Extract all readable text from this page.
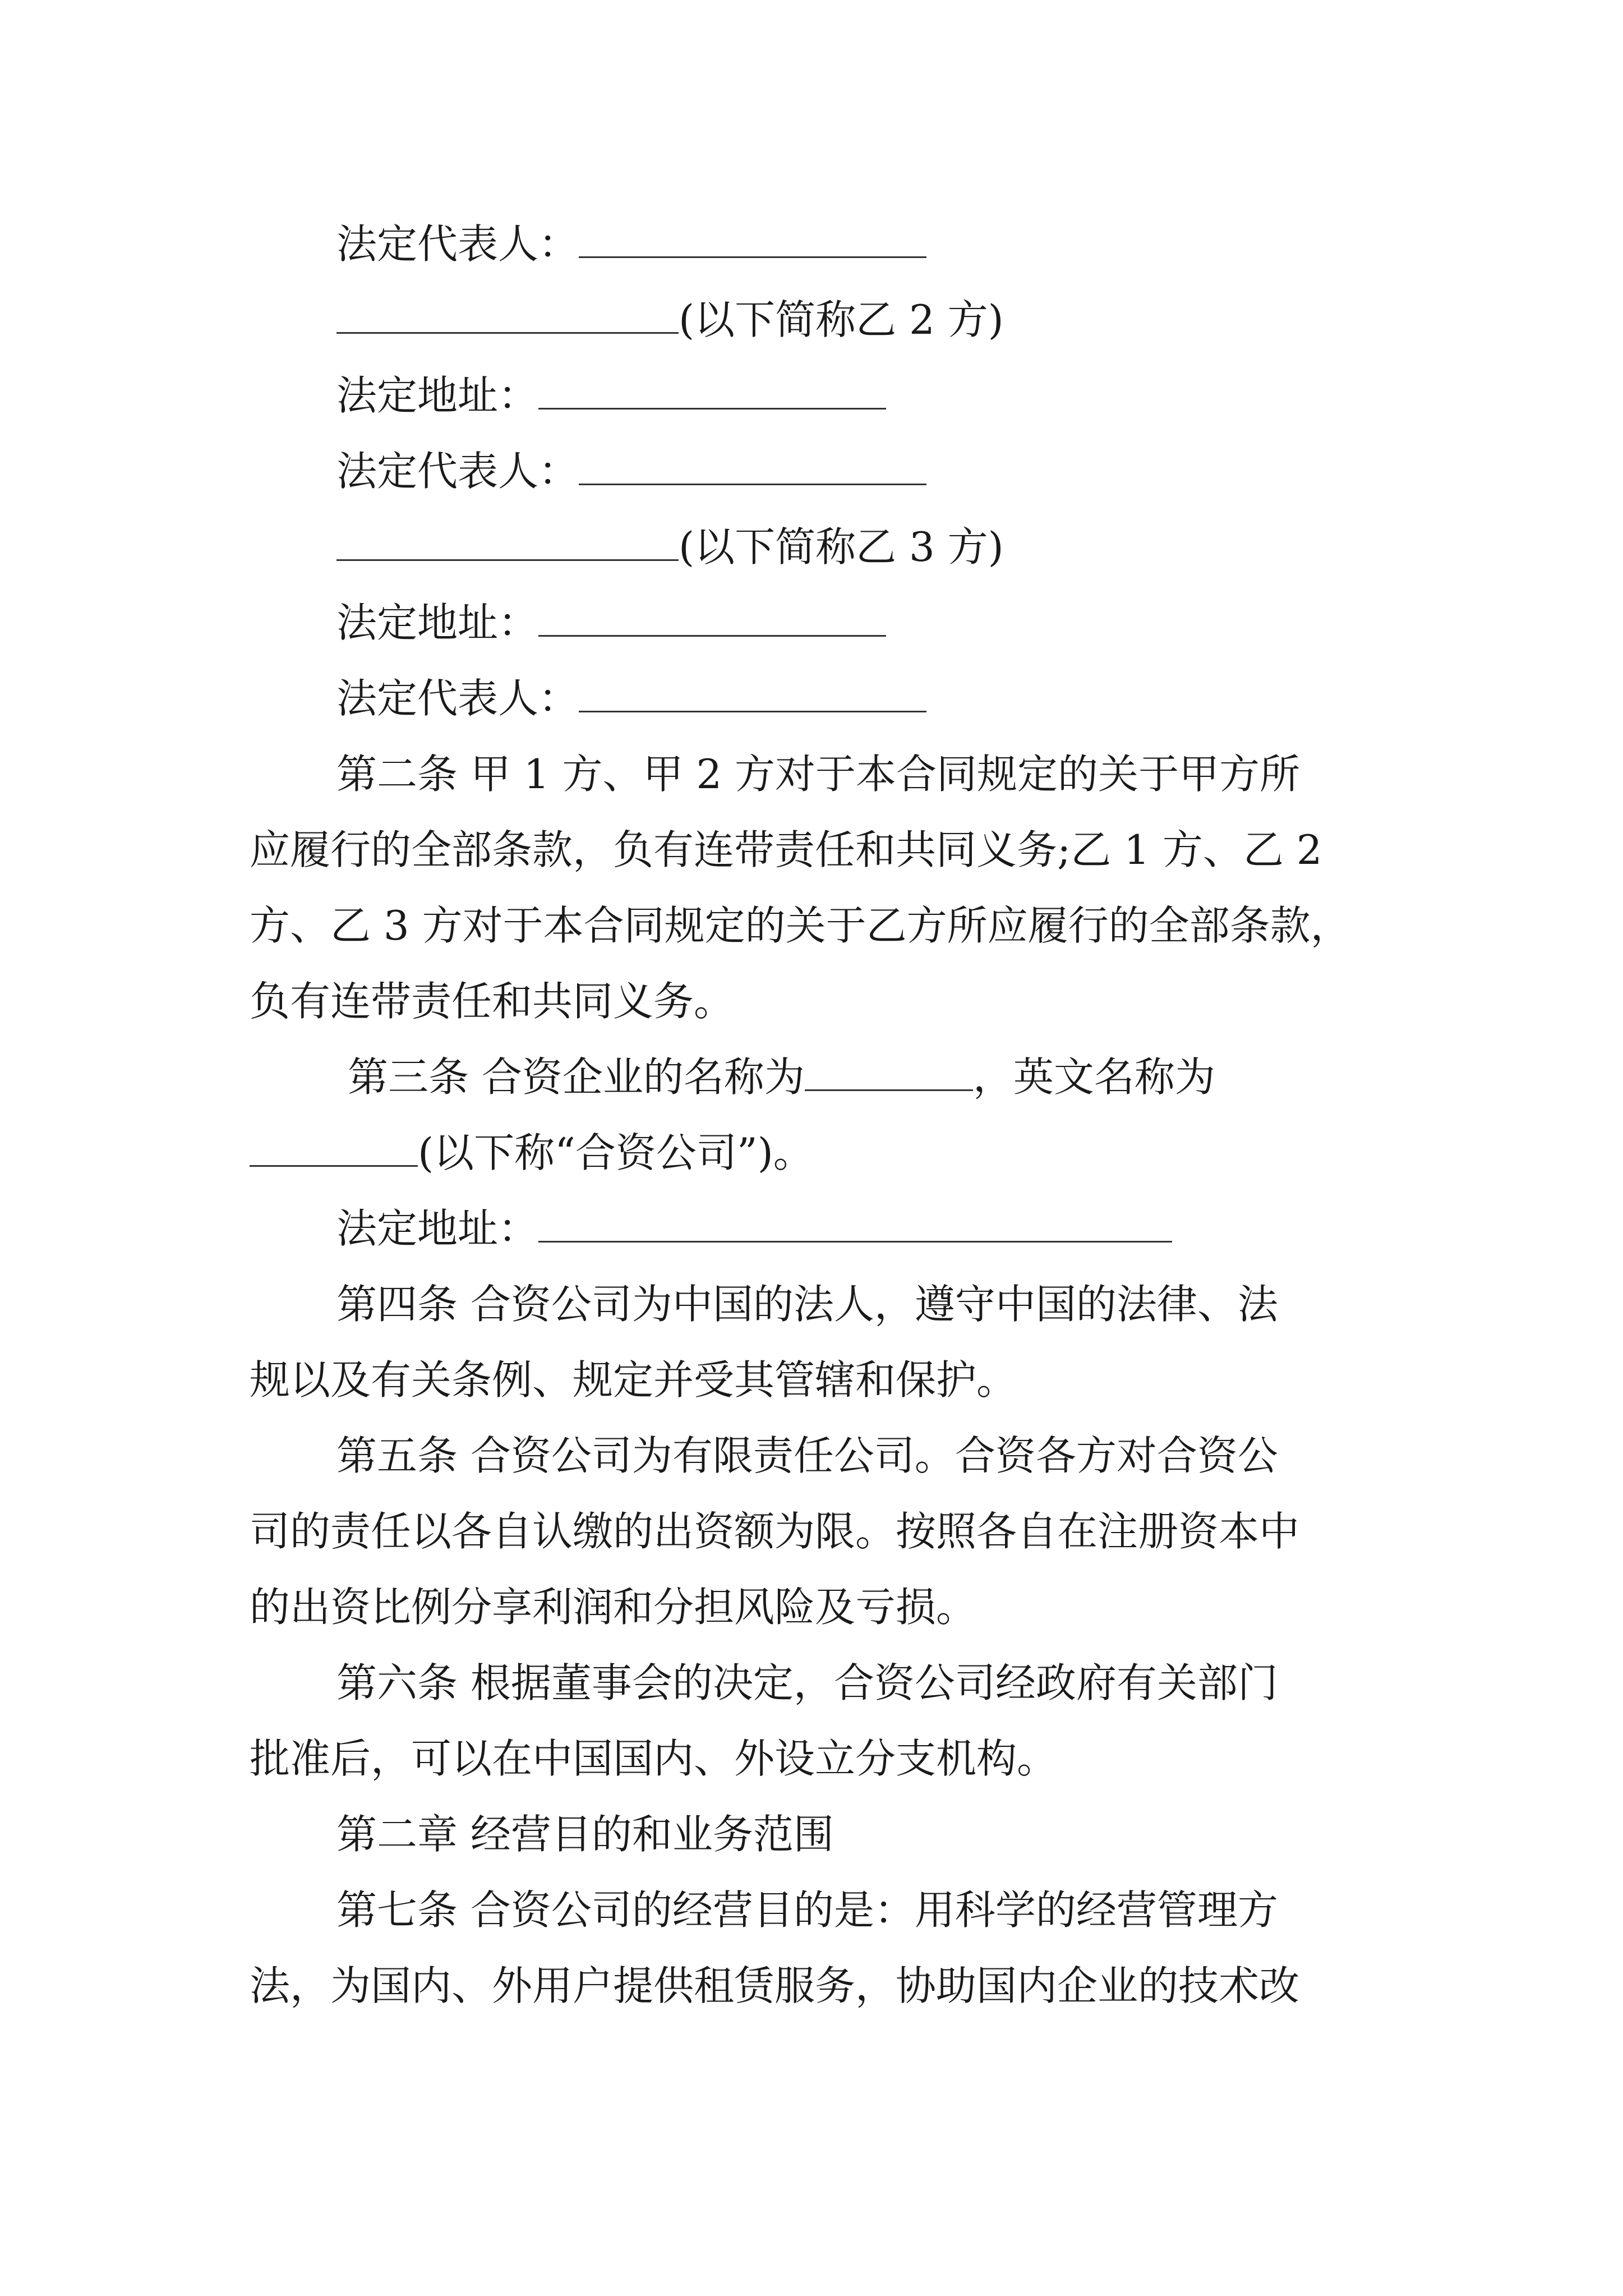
法定代表人：
(以下简称乙 2 方)
法定地址：
法定代表人：
(以下简称乙 3 方)
法定地址：
法定代表人：
第二条 甲 1 方、甲 2 方对于本合同规定的关于甲方所
应履行的全部条款，负有连带责任和共同义务;乙 1 方、乙 2
方、乙 3 方对于本合同规定的关于乙方所应履行的全部条款，
负有连带责任和共同义务。
第三条 合资企业的名称为	，英文名称为
(以下称“合资公司”)。
法定地址：
第四条 合资公司为中国的法人，遵守中国的法律、法
规以及有关条例、规定并受其管辖和保护。
第五条 合资公司为有限责任公司。合资各方对合资公
司的责任以各自认缴的出资额为限。按照各自在注册资本中
的出资比例分享利润和分担风险及亏损。
第六条 根据董事会的决定，合资公司经政府有关部门
批准后，可以在中国国内、外设立分支机构。
第二章 经营目的和业务范围
第七条 合资公司的经营目的是：用科学的经营管理方
法，为国内、外用户提供租赁服务，协助国内企业的技术改
